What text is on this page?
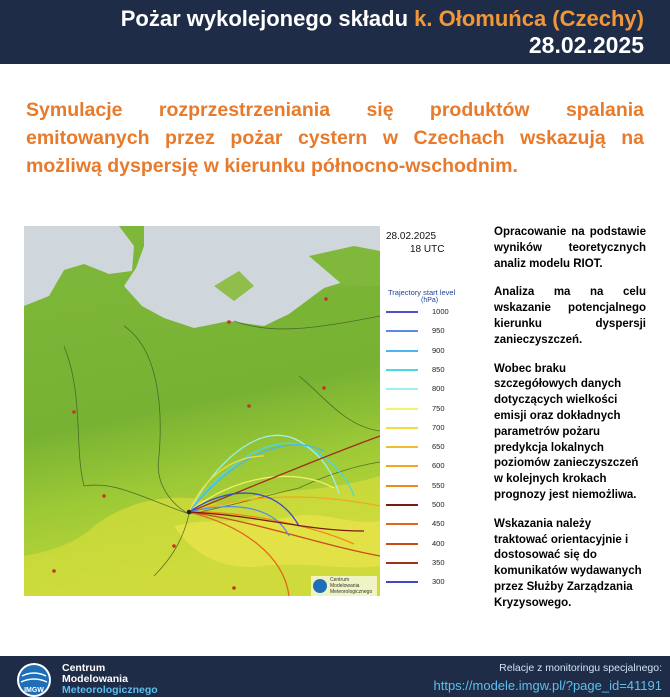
Pożar wykolejonego składu k. Ołomuńca (Czechy)
28.02.2025
Symulacje rozprzestrzeniania się produktów spalania emitowanych przez pożar cystern w Czechach wskazują na możliwą dyspersję w kierunku północno-wschodnim.
Centrum
Modelowania
Meteorologicznego
28.02.2025
18 UTC
Trajectory start level
(hPa)
1000
950
900
850
800
750
700
650
600
550
500
450
400
350
300

Opracowanie na podstawie wyników teoretycznych analiz modelu RIOT.

Analiza ma na celu wskazanie potencjalnego kierunku dyspersji zanieczyszczeń.

Wobec braku szczegółowych danych dotyczących wielkości emisji oraz dokładnych parametrów pożaru predykcja lokalnych poziomów zanieczyszczeń w kolejnych krokach prognozy jest niemożliwa.

Wskazania należy traktować orientacyjnie i dostosować się do komunikatów wydawanych przez Służby Zarządzania Kryzysowego.

IMGW
Centrum
Modelowania
Meteorologicznego
Relacje z monitoringu specjalnego:
https://modele.imgw.pl/?page_id=41191
